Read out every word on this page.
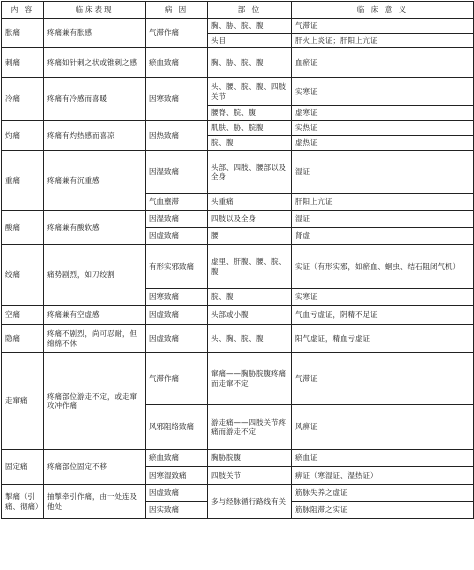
内 容	临床表现	病 因	部 位	临 床 意 义
胀痛	疼痛兼有胀感	气滞作痛	胸、胁、脘、腹	气滞证
			头目	肝火上炎证；肝阳上亢证
刺痛	疼痛如针刺之状或锥刺之感	瘀血致痛	胸、胁、脘、腹	血瘀证
冷痛	疼痛有冷感而喜暖	因寒致痛	头、腰、脘、腹、四肢关节	实寒证
			腰脊、脘、腹	虚寒证
灼痛	疼痛有灼热感而喜凉	因热致痛	肌肤、胁、脘腹	实热证
			脘、腹	虚热证
重痛	疼痛兼有沉重感	因湿致痛	头部、四肢、腰部以及全身	湿证
		气血壅滞	头重痛	肝阳上亢证
酸痛	疼痛兼有酸软感	因湿致痛	四肢以及全身	湿证
		因虚致痛	腰	肾虚
绞痛	痛势剧烈，如刀绞割	有形实邪致痛	虚里、肝腹、腰、脘、腹	实证（有形实邪，如瘀血、蛔虫、结石阻闭气机）
		因寒致痛	脘、腹	实寒证
空痛	疼痛兼有空虚感	因虚致痛	头部或小腹	气血亏虚证，阴精不足证
隐痛	疼痛不剧烈，尚可忍耐，但绵绵不休	因虚致痛	头、胸、脘、腹	阳气虚证，精血亏虚证
走窜痛	疼痛部位游走不定，或走窜攻冲作痛	气滞作痛	窜痛——胸胁脘腹疼痛而走窜不定	气滞证
		风邪阻络致痛	游走痛——四肢关节疼痛而游走不定	风痹证
固定痛	疼痛部位固定不移	瘀血致痛	胸胁脘腹	瘀血证
		因寒湿致痛	四肢关节	痹证（寒湿证、湿热证）
掣痛（引痛、彻痛）	抽掣牵引作痛，由一处连及他处	因虚致痛	多与经脉循行路线有关	筋脉失养之虚证
		因实致痛		筋脉阻滞之实证
